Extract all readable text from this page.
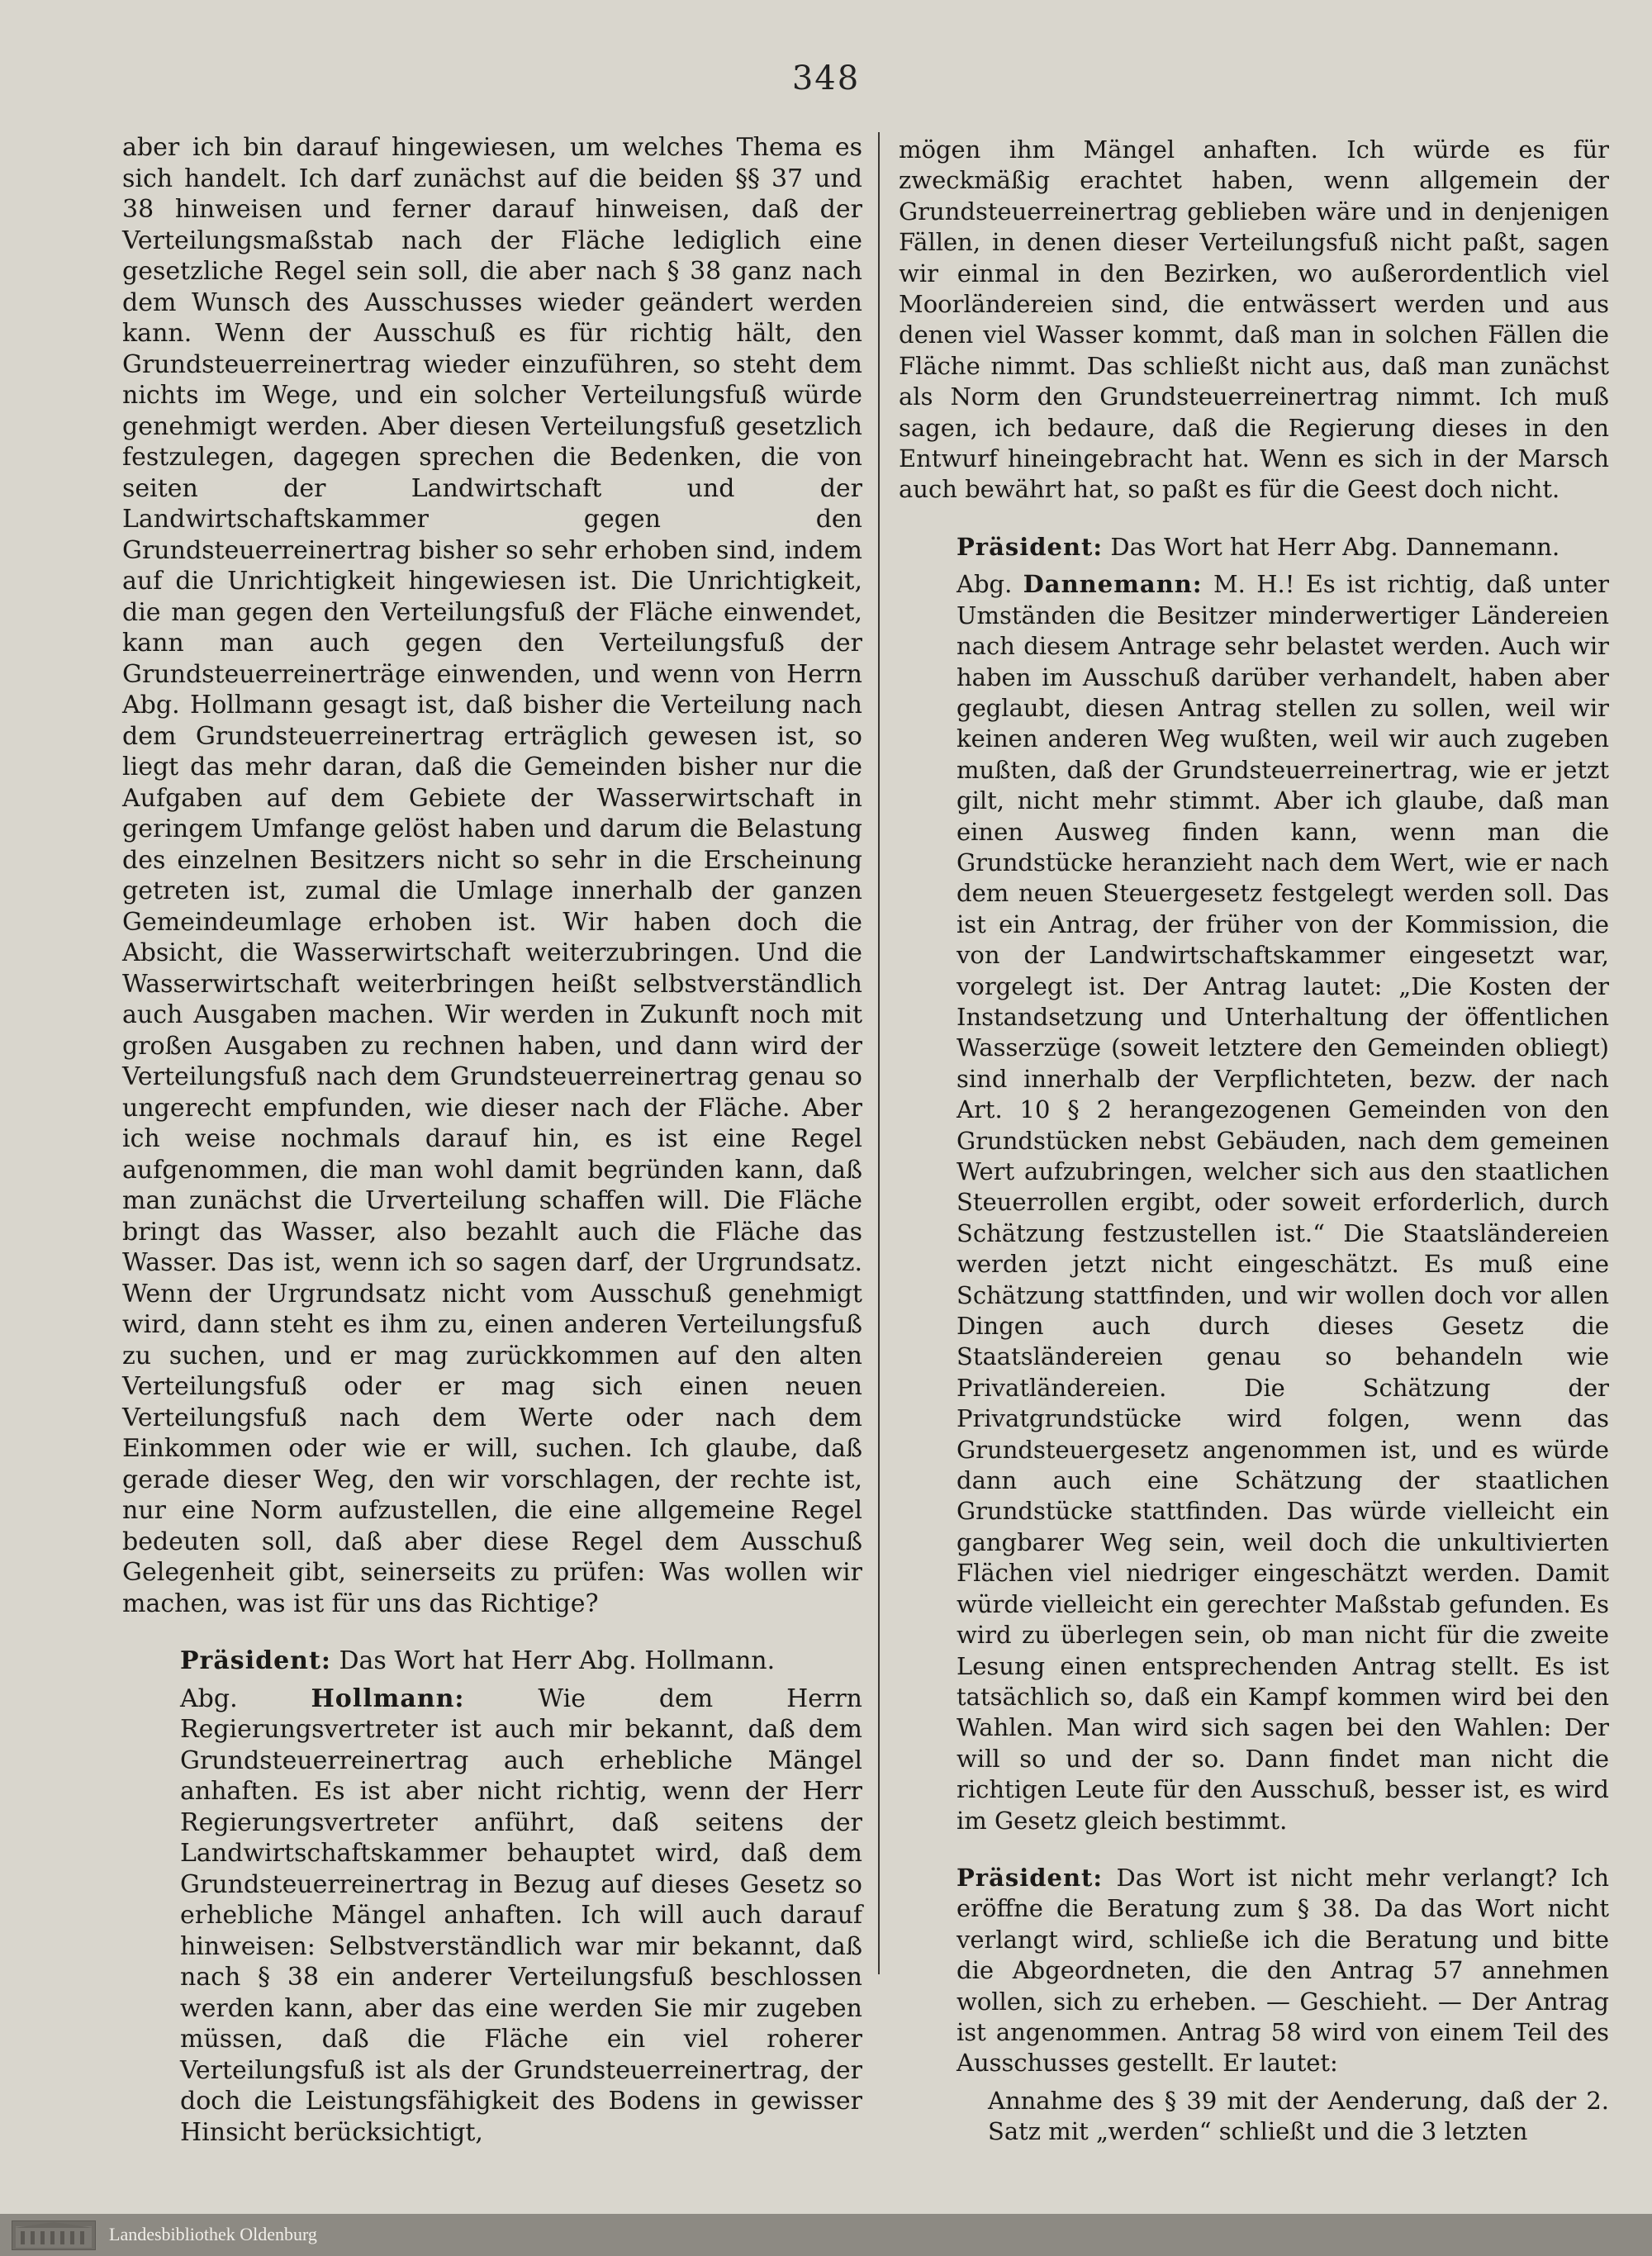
348

aber ich bin darauf hingewiesen, um welches Thema es sich handelt. Ich darf zunächst auf die beiden §§ 37 und 38 hinweisen und ferner darauf hinweisen, daß der Verteilungsmaßstab nach der Fläche lediglich eine gesetzliche Regel sein soll, die aber nach § 38 ganz nach dem Wunsch des Ausschusses wieder geändert werden kann. Wenn der Ausschuß es für richtig hält, den Grundsteuerreinertrag wieder einzuführen, so steht dem nichts im Wege, und ein solcher Verteilungsfuß würde genehmigt werden. Aber diesen Verteilungsfuß gesetzlich festzulegen, dagegen sprechen die Bedenken, die von seiten der Landwirtschaft und der Landwirtschaftskammer gegen den Grundsteuerreinertrag bisher so sehr erhoben sind, indem auf die Unrichtigkeit hingewiesen ist. Die Unrichtigkeit, die man gegen den Verteilungsfuß der Fläche einwendet, kann man auch gegen den Verteilungsfuß der Grundsteuerreinerträge einwenden, und wenn von Herrn Abg. Hollmann gesagt ist, daß bisher die Verteilung nach dem Grundsteuerreinertrag erträglich gewesen ist, so liegt das mehr daran, daß die Gemeinden bisher nur die Aufgaben auf dem Gebiete der Wasserwirtschaft in geringem Umfange gelöst haben und darum die Belastung des einzelnen Besitzers nicht so sehr in die Erscheinung getreten ist, zumal die Umlage innerhalb der ganzen Gemeindeumlage erhoben ist. Wir haben doch die Absicht, die Wasserwirtschaft weiterzubringen. Und die Wasserwirtschaft weiterbringen heißt selbstverständlich auch Ausgaben machen. Wir werden in Zukunft noch mit großen Ausgaben zu rechnen haben, und dann wird der Verteilungsfuß nach dem Grundsteuerreinertrag genau so ungerecht empfunden, wie dieser nach der Fläche. Aber ich weise nochmals darauf hin, es ist eine Regel aufgenommen, die man wohl damit begründen kann, daß man zunächst die Urverteilung schaffen will. Die Fläche bringt das Wasser, also bezahlt auch die Fläche das Wasser. Das ist, wenn ich so sagen darf, der Urgrundsatz. Wenn der Urgrundsatz nicht vom Ausschuß genehmigt wird, dann steht es ihm zu, einen anderen Verteilungsfuß zu suchen, und er mag zurückkommen auf den alten Verteilungsfuß oder er mag sich einen neuen Verteilungsfuß nach dem Werte oder nach dem Einkommen oder wie er will, suchen. Ich glaube, daß gerade dieser Weg, den wir vorschlagen, der rechte ist, nur eine Norm aufzustellen, die eine allgemeine Regel bedeuten soll, daß aber diese Regel dem Ausschuß Gelegenheit gibt, seinerseits zu prüfen: Was wollen wir machen, was ist für uns das Richtige?

Präsident: Das Wort hat Herr Abg. Hollmann.

Abg.	Hollmann:	Wie dem Herrn Regierungsvertreter ist auch mir bekannt, daß dem Grundsteuerreinertrag auch erhebliche Mängel anhaften. Es ist aber nicht richtig, wenn der Herr Regierungsvertreter anführt, daß seitens der Landwirtschaftskammer behauptet wird, daß dem Grundsteuerreinertrag in Bezug auf dieses Gesetz so erhebliche Mängel anhaften. Ich will auch darauf hinweisen: Selbstverständlich war mir bekannt, daß nach § 38 ein anderer Verteilungsfuß beschlossen werden kann, aber das eine werden Sie mir zugeben müssen, daß die Fläche ein viel roherer Verteilungsfuß ist als der Grundsteuerreinertrag, der doch die Leistungsfähigkeit des Bodens in gewisser Hinsicht berücksichtigt,

mögen ihm Mängel anhaften. Ich würde es für zweckmäßig erachtet haben, wenn allgemein der Grundsteuerreinertrag geblieben wäre und in denjenigen Fällen, in denen dieser Verteilungsfuß nicht paßt, sagen wir einmal in den Bezirken, wo außerordentlich viel Moorländereien sind, die entwässert werden und aus denen viel Wasser kommt, daß man in solchen Fällen die Fläche nimmt. Das schließt nicht aus, daß man zunächst als Norm den Grundsteuerreinertrag nimmt. Ich muß sagen, ich bedaure, daß die Regierung dieses in den Entwurf hineingebracht hat. Wenn es sich in der Marsch auch bewährt hat, so paßt es für die Geest doch nicht.

Präsident: Das Wort hat Herr Abg. Dannemann.

Abg. Dannemann: M. H.! Es ist richtig, daß unter Umständen die Besitzer minderwertiger Ländereien nach diesem Antrage sehr belastet werden. Auch wir haben im Ausschuß darüber verhandelt, haben aber geglaubt, diesen Antrag stellen zu sollen, weil wir keinen anderen Weg wußten, weil wir auch zugeben mußten, daß der Grundsteuerreinertrag, wie er jetzt gilt, nicht mehr stimmt. Aber ich glaube, daß man einen Ausweg finden kann, wenn man die Grundstücke heranzieht nach dem Wert, wie er nach dem neuen Steuergesetz festgelegt werden soll. Das ist ein Antrag, der früher von der Kommission, die von der Landwirtschaftskammer eingesetzt war, vorgelegt ist. Der Antrag lautet: „Die Kosten der Instandsetzung und Unterhaltung der öffentlichen Wasserzüge (soweit letztere den Gemeinden obliegt) sind innerhalb der Verpflichteten, bezw. der nach Art. 10 § 2 herangezogenen Gemeinden von den Grundstücken nebst Gebäuden, nach dem gemeinen Wert aufzubringen, welcher sich aus den staatlichen Steuerrollen ergibt, oder soweit erforderlich, durch Schätzung festzustellen ist.“ Die Staatsländereien werden jetzt nicht eingeschätzt. Es muß eine Schätzung stattfinden, und wir wollen doch vor allen Dingen auch durch dieses Gesetz die Staatsländereien genau so behandeln wie Privatländereien. Die Schätzung der Privatgrundstücke wird folgen, wenn das Grundsteuergesetz angenommen ist, und es würde dann auch eine Schätzung der staatlichen Grundstücke stattfinden. Das würde vielleicht ein gangbarer Weg sein, weil doch die unkultivierten Flächen viel niedriger eingeschätzt werden. Damit würde vielleicht ein gerechter Maßstab gefunden. Es wird zu überlegen sein, ob man nicht für die zweite Lesung einen entsprechenden Antrag stellt. Es ist tatsächlich so, daß ein Kampf kommen wird bei den Wahlen. Man wird sich sagen bei den Wahlen: Der will so und der so. Dann findet man nicht die richtigen Leute für den Ausschuß, besser ist, es wird im Gesetz gleich bestimmt.

Präsident: Das Wort ist nicht mehr verlangt? Ich eröffne die Beratung zum § 38. Da das Wort nicht verlangt wird, schließe ich die Beratung und bitte die Abgeordneten, die den Antrag 57 annehmen wollen, sich zu erheben. — Geschieht. — Der Antrag ist angenommen. Antrag 58 wird von einem Teil des Ausschusses gestellt. Er lautet:

Annahme des § 39 mit der Aenderung, daß der 2. Satz mit „werden“ schließt und die 3 letzten

Landesbibliothek Oldenburg
